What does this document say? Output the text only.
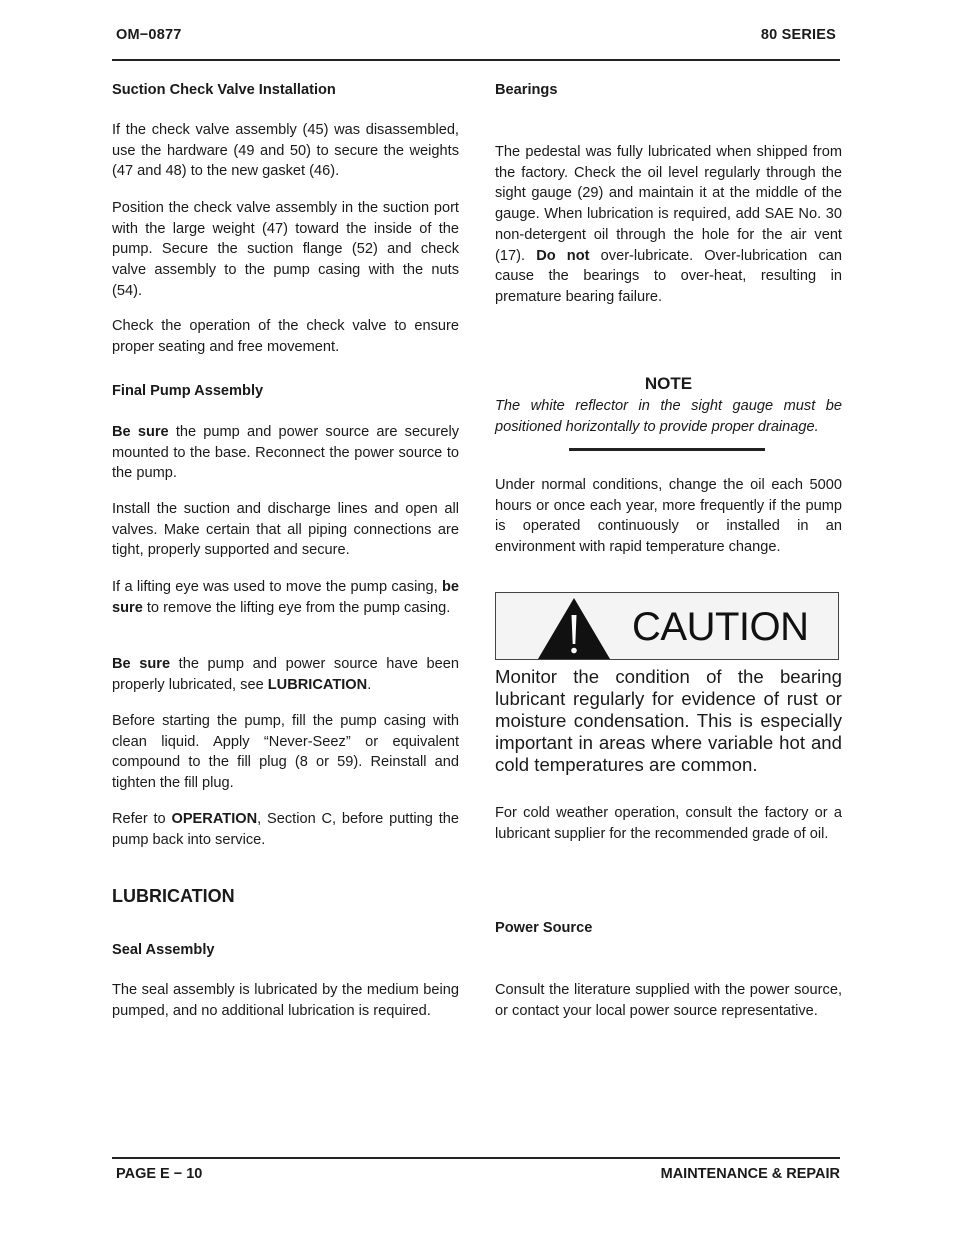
OM−0877	80 SERIES
Suction Check Valve Installation

If the check valve assembly (45) was disassembled, use the hardware (49 and 50) to secure the weights (47 and 48) to the new gasket (46).

Position the check valve assembly in the suction port with the large weight (47) toward the inside of the pump. Secure the suction flange (52) and check valve assembly to the pump casing with the nuts (54).

Check the operation of the check valve to ensure proper seating and free movement.

Final Pump Assembly

Be sure the pump and power source are securely mounted to the base. Reconnect the power source to the pump.

Install the suction and discharge lines and open all valves. Make certain that all piping connections are tight, properly supported and secure.

If a lifting eye was used to move the pump casing, be sure to remove the lifting eye from the pump casing.

Be sure the pump and power source have been properly lubricated, see LUBRICATION.

Before starting the pump, fill the pump casing with clean liquid. Apply “Never-Seez” or equivalent compound to the fill plug (8 or 59). Reinstall and tighten the fill plug.

Refer to OPERATION, Section C, before putting the pump back into service.

LUBRICATION
Seal Assembly

The seal assembly is lubricated by the medium being pumped, and no additional lubrication is required.

Bearings

The pedestal was fully lubricated when shipped from the factory. Check the oil level regularly through the sight gauge (29) and maintain it at the middle of the gauge. When lubrication is required, add SAE No. 30 non-detergent oil through the hole for the air vent (17). Do not over-lubricate. Over-lubrication can cause the bearings to over-heat, resulting in premature bearing failure.

NOTE
The white reflector in the sight gauge must be positioned horizontally to provide proper drainage.

Under normal conditions, change the oil each 5000 hours or once each year, more frequently if the pump is operated continuously or installed in an environment with rapid temperature change.

CAUTION
Monitor the condition of the bearing lubricant regularly for evidence of rust or moisture condensation. This is especially important in areas where variable hot and cold temperatures are common.

For cold weather operation, consult the factory or a lubricant supplier for the recommended grade of oil.

Power Source

Consult the literature supplied with the power source, or contact your local power source representative.

PAGE E − 10	MAINTENANCE & REPAIR
